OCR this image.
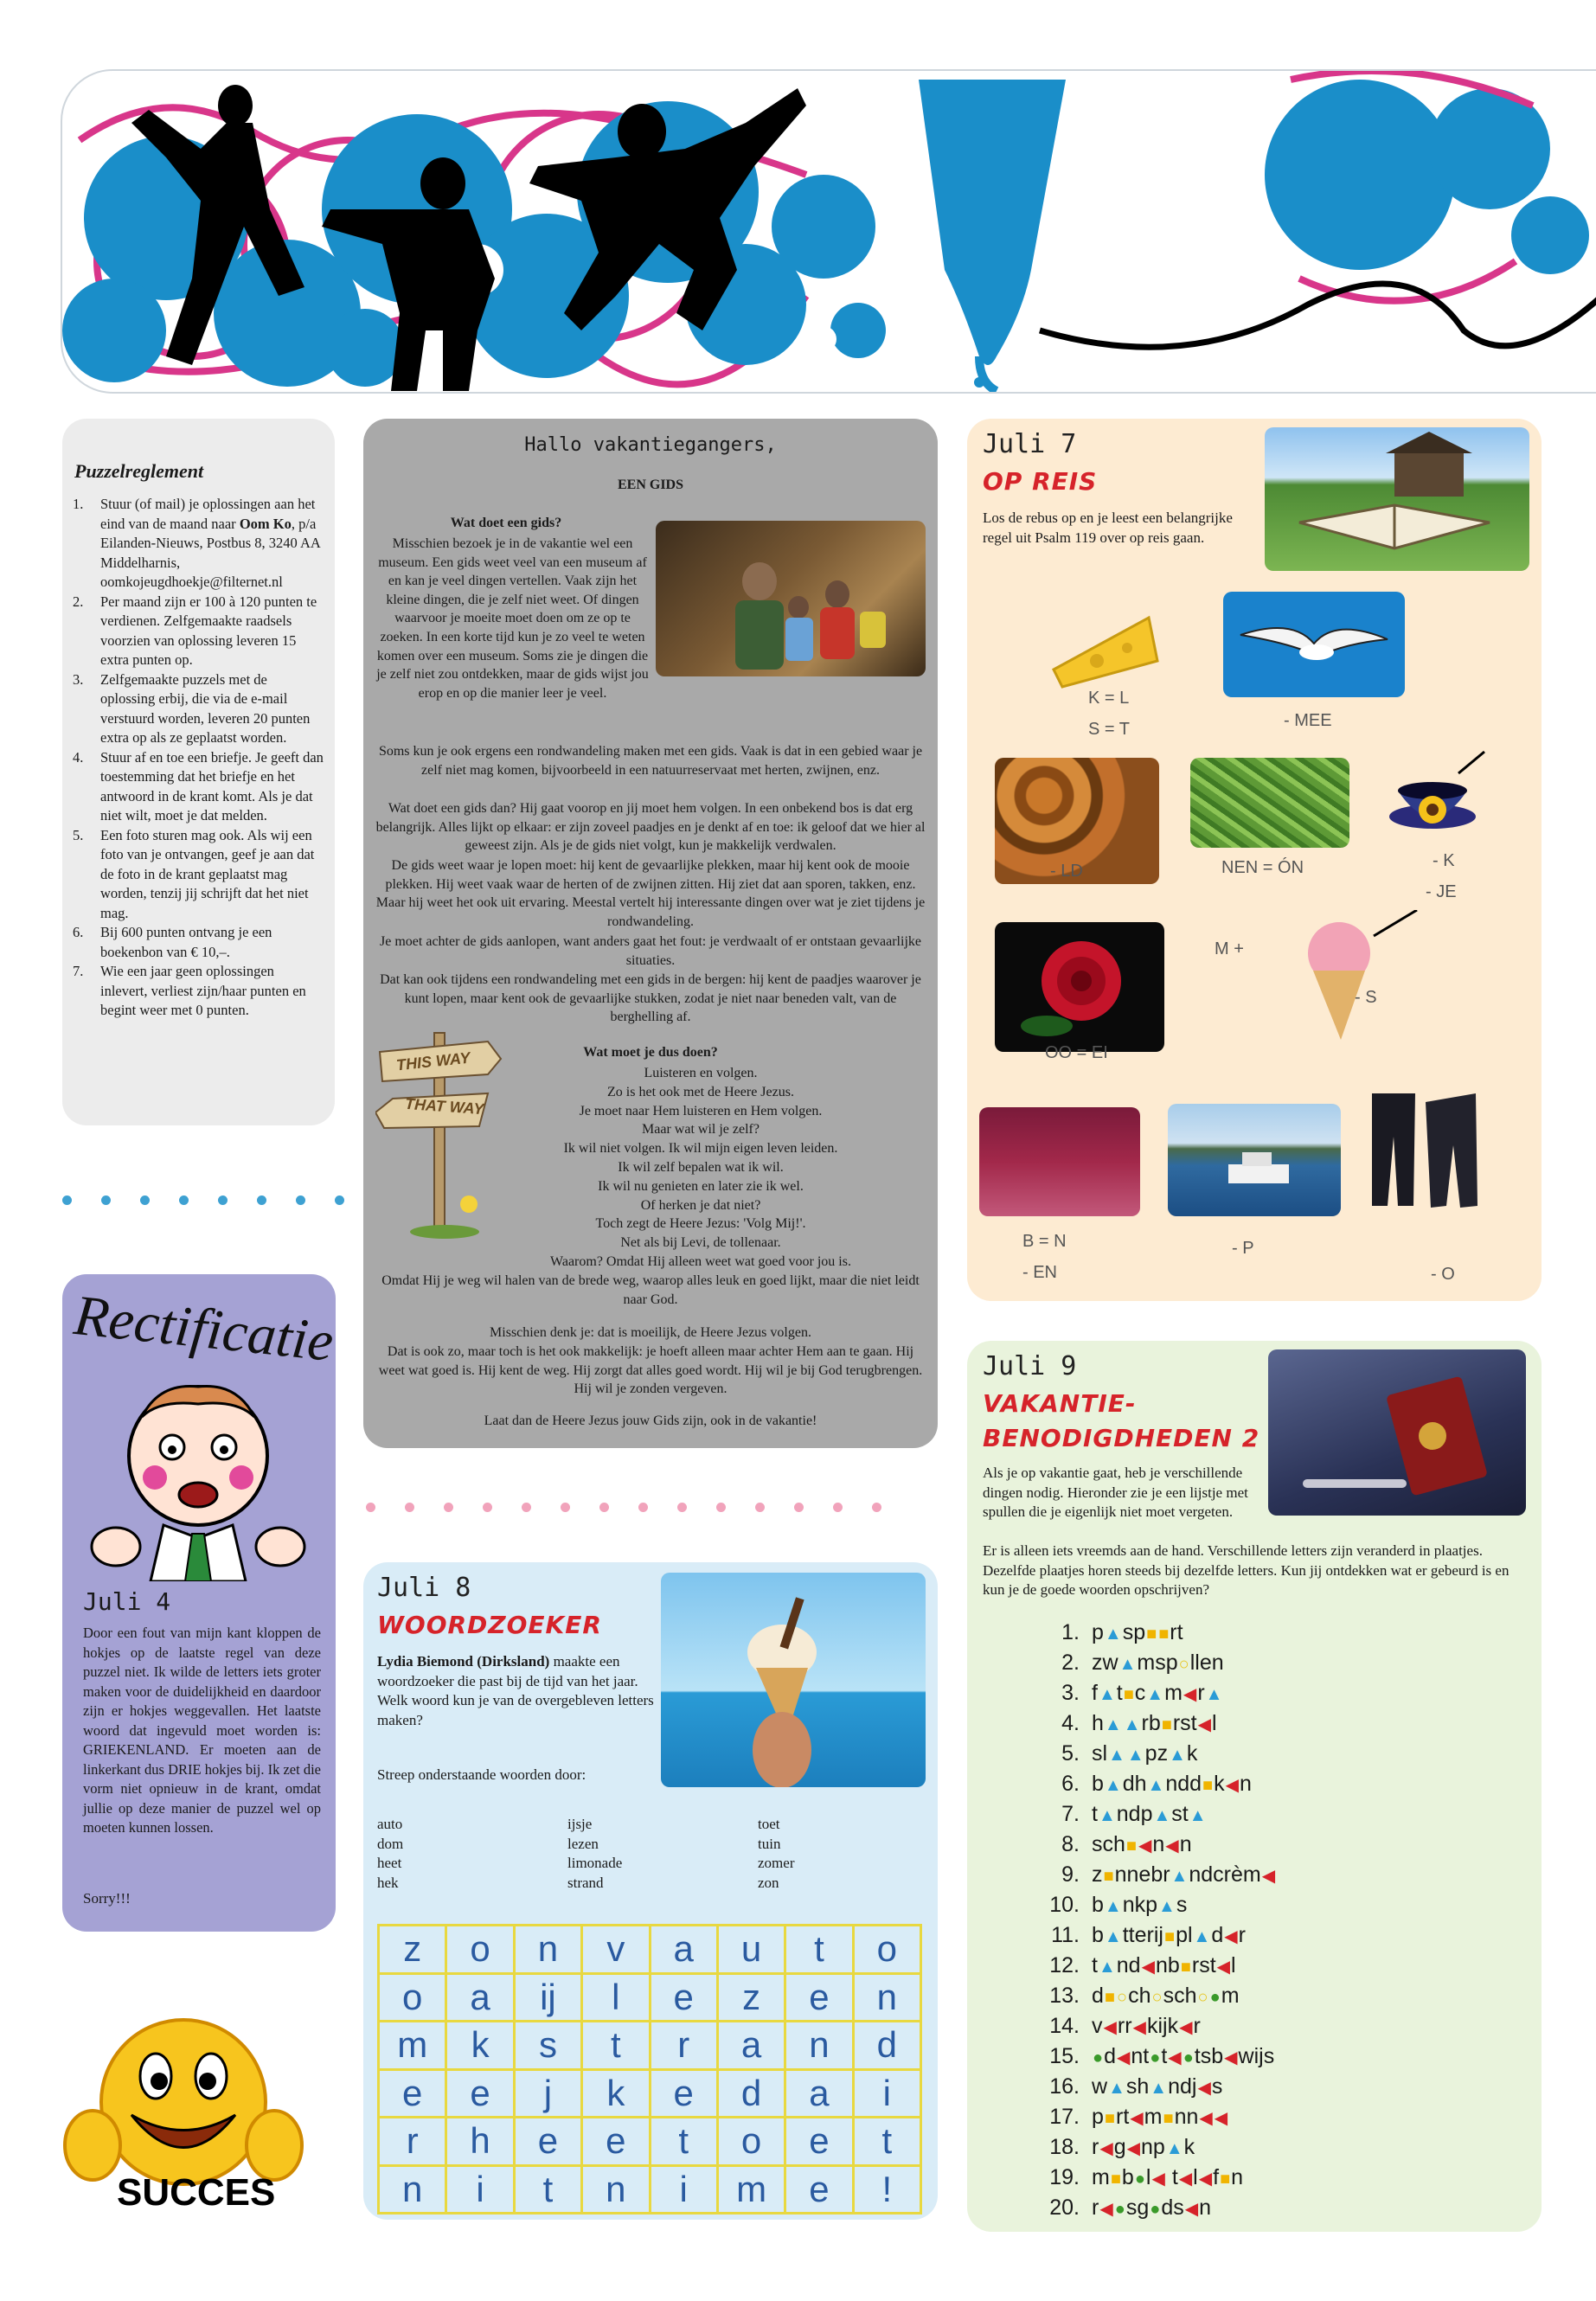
Puzzelreglement
1.	Stuur (of mail) je oplossingen aan het eind van de maand naar Oom Ko, p/a Eilanden-Nieuws, Postbus 8, 3240 AA Middelharnis, oomkojeugdhoekje@filternet.nl
2.	Per maand zijn er 100 à 120 punten te verdienen. Zelfgemaakte raadsels voorzien van oplossing leveren 15 extra punten op.
3.	Zelfgemaakte puzzels met de oplossing erbij, die via de e-mail verstuurd worden, leveren 20 punten extra op als ze geplaatst worden.
4.	Stuur af en toe een briefje. Je geeft dan toestemming dat het briefje en het antwoord in de krant komt. Als je dat niet wilt, moet je dat melden.
5.	Een foto sturen mag ook. Als wij een foto van je ontvangen, geef je aan dat de foto in de krant geplaatst mag worden, tenzij jij schrijft dat het niet mag.
6.	Bij 600 punten ontvang je een boekenbon van € 10,–.
7.	Wie een jaar geen oplossingen inlevert, verliest zijn/haar punten en begint weer met 0 punten.
Rectificatie
Juli 4
Door een fout van mijn kant kloppen de hokjes op de laatste regel van deze puzzel niet. Ik wilde de letters iets groter maken voor de duidelijkheid en daardoor zijn er hokjes weggevallen. Het laatste woord dat ingevuld moet worden is: GRIEKENLAND. Er moeten aan de linkerkant dus DRIE hokjes bij. Ik zet die vorm niet opnieuw in de krant, omdat jullie op deze manier de puzzel wel op moeten kunnen lossen.
Sorry!!!
SUCCES
Hallo vakantiegangers,
EEN GIDS
Wat doet een gids?
Misschien bezoek je in de vakantie wel een museum. Een gids weet veel van een museum af en kan je veel dingen vertellen. Vaak zijn het kleine dingen, die je zelf niet weet. Of dingen waarvoor je moeite moet doen om ze op te zoeken. In een korte tijd kun je zo veel te weten komen over een museum. Soms zie je dingen die je zelf niet zou ontdekken, maar de gids wijst jou erop en op die manier leer je veel.
Soms kun je ook ergens een rondwandeling maken met een gids. Vaak is dat in een gebied waar je zelf niet mag komen, bijvoorbeeld in een natuurreservaat met herten, zwijnen, enz.
Wat doet een gids dan? Hij gaat voorop en jij moet hem volgen. In een onbekend bos is dat erg belangrijk. Alles lijkt op elkaar: er zijn zoveel paadjes en je denkt af en toe: ik geloof dat we hier al geweest zijn. Als je de gids niet volgt, kun je makkelijk verdwalen.
De gids weet waar je lopen moet: hij kent de gevaarlijke plekken, maar hij kent ook de mooie plekken. Hij weet vaak waar de herten of de zwijnen zitten. Hij ziet dat aan sporen, takken, enz. Maar hij weet het ook uit ervaring. Meestal vertelt hij interessante dingen over wat je ziet tijdens je rondwandeling.
Je moet achter de gids aanlopen, want anders gaat het fout: je verdwaalt of er ontstaan gevaarlijke situaties.
Dat kan ook tijdens een rondwandeling met een gids in de bergen: hij kent de paadjes waarover je kunt lopen, maar kent ook de gevaarlijke stukken, zodat je niet naar beneden valt, van de berghelling af.
Wat moet je dus doen?
Luisteren en volgen.
Zo is het ook met de Heere Jezus.
Je moet naar Hem luisteren en Hem volgen.
Maar wat wil je zelf?
Ik wil niet volgen. Ik wil mijn eigen leven leiden.
Ik wil zelf bepalen wat ik wil.
Ik wil nu genieten en later zie ik wel.
Of herken je dat niet?
Toch zegt de Heere Jezus: 'Volg Mij!'.
Net als bij Levi, de tollenaar.
Waarom? Omdat Hij alleen weet wat goed voor jou is.
THIS WAY
THAT WAY
Omdat Hij je weg wil halen van de brede weg, waarop alles leuk en goed lijkt, maar die niet leidt naar God.
Misschien denk je: dat is moeilijk, de Heere Jezus volgen.
Dat is ook zo, maar toch is het ook makkelijk: je hoeft alleen maar achter Hem aan te gaan. Hij weet wat goed is. Hij kent de weg. Hij zorgt dat alles goed wordt. Hij wil je bij God terugbrengen. Hij wil je zonden vergeven.
Laat dan de Heere Jezus jouw Gids zijn, ook in de vakantie!
Juli 8
WOORDZOEKER
Lydia Biemond (Dirksland) maakte een woordzoeker die past bij de tijd van het jaar.
Welk woord kun je van de overgebleven letters maken?
Streep onderstaande woorden door:
auto
dom
heet
hek
ijsje
lezen
limonade
strand
toet
tuin
zomer
zon
z	o	n	v	a	u	t	o
o	a	ij	l	e	z	e	n
m	k	s	t	r	a	n	d
e	e	j	k	e	d	a	i
r	h	e	e	t	o	e	t
n	i	t	n	i	m	e	!
Juli 7
OP REIS
Los de rebus op en je leest een belangrijke regel uit Psalm 119 over op reis gaan.
K = L
S = T	- MEE
- LD	NEN = ÓN	- K
- JE
OO = EI
M +
- S
B = N
- EN
- P
- O
Juli 9
VAKANTIE-
BENODIGDHEDEN 2
Als je op vakantie gaat, heb je verschillende dingen nodig. Hieronder zie je een lijstje met spullen die je eigenlijk niet moet vergeten.
Er is alleen iets vreemds aan de hand. Verschillende letters zijn veranderd in plaatjes. Dezelfde plaatjes horen steeds bij dezelfde letters. Kun jij ontdekken wat er gebeurd is en kun je de goede woorden opschrijven?
1. p▲sp■ ■rt
2. zw▲msp○llen
3. f▲t■c▲m◀r▲
4. h▲ ▲rb■rst◀l
5. sl▲ ▲pz▲k
6. b▲dh▲ndd■k◀n
7. t▲ndp▲st▲
8. sch■ ◀n◀n
9. z■nnebr▲ndcrèm◀
10. b▲nkp▲s
11. b▲tterij■pl▲d◀r
12. t▲nd◀nb■rst◀l
13. d■ ○ch○sch○ ●m
14. v◀rr◀kijk◀r
15. ●d◀nt●t◀ ●tsb◀wijs
16. w▲sh▲ndj◀s
17. p■rt◀m■nn◀ ◀
18. r◀g◀np▲k
19. m■b●l◀ t◀l◀f■n
20. r◀ ●sg●ds◀n
